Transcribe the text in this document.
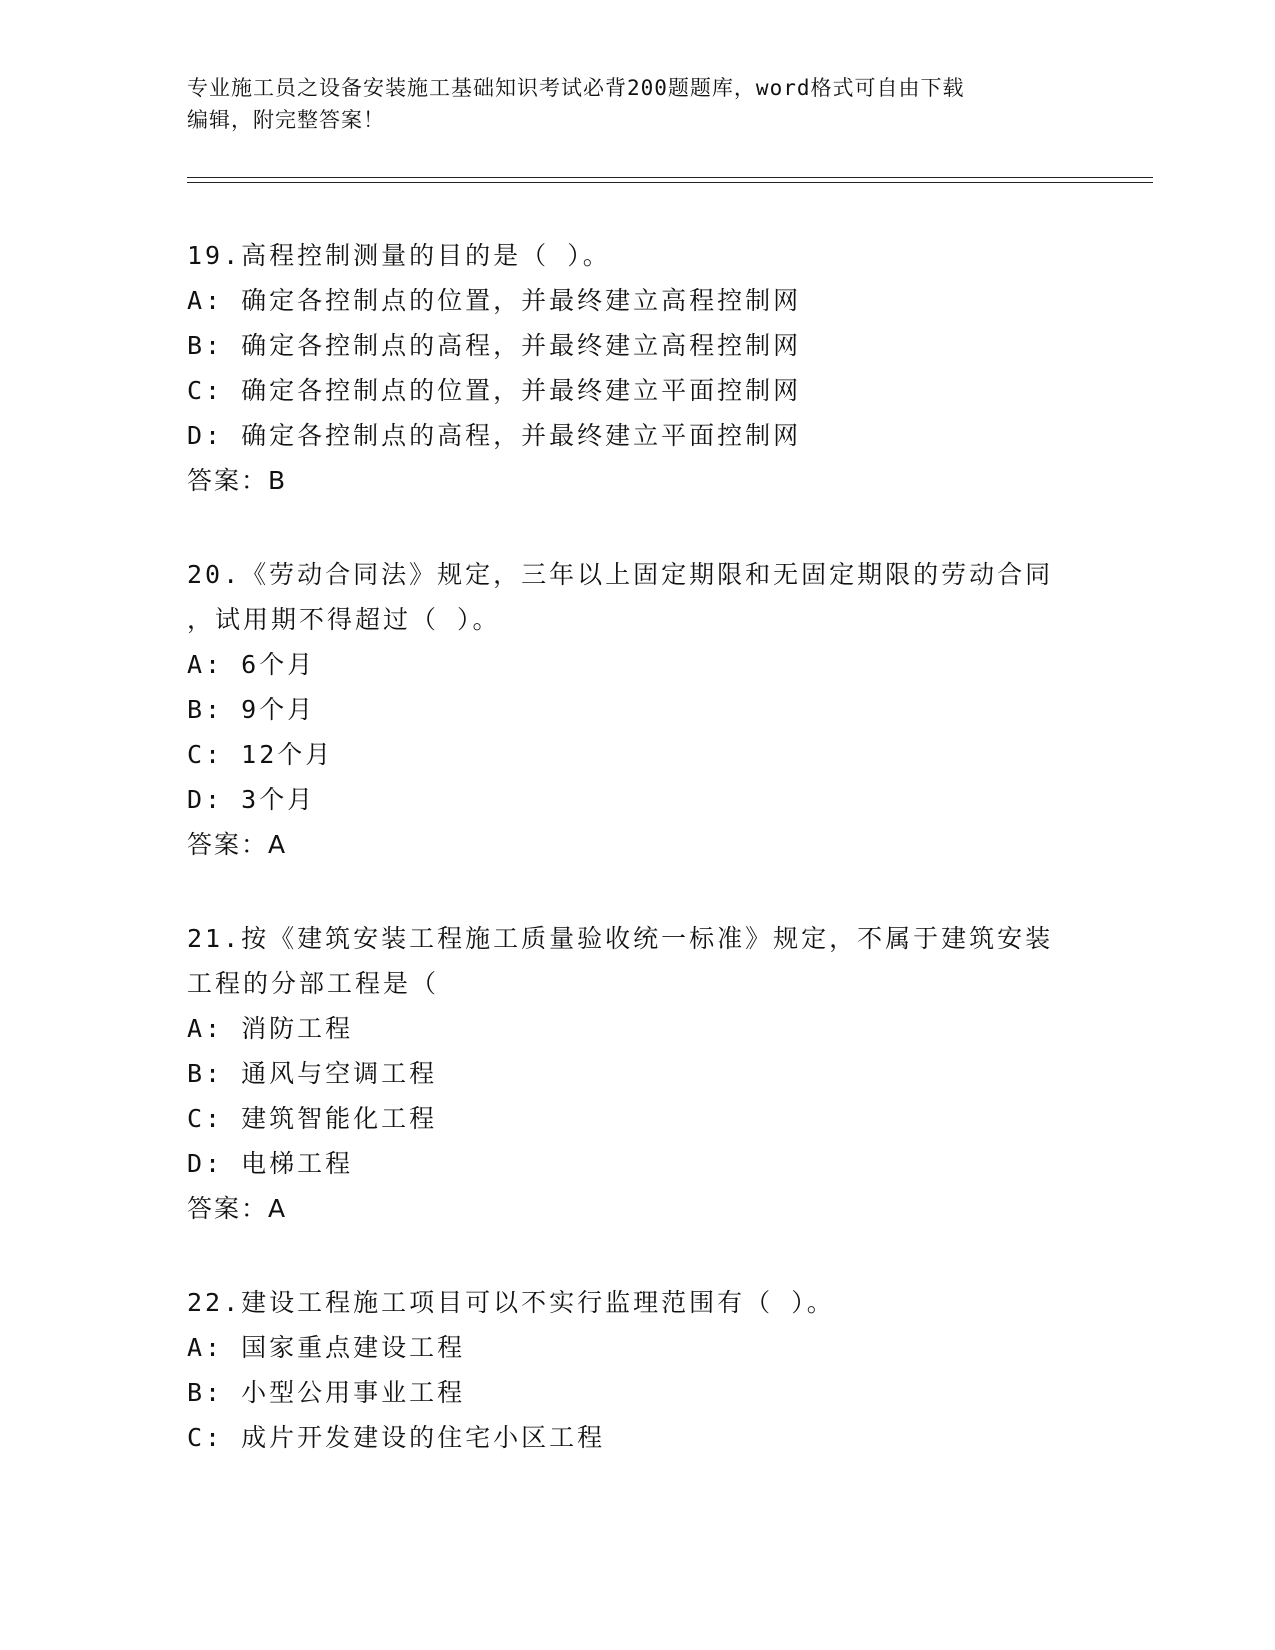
专业施工员之设备安装施工基础知识考试必背200题题库，word格式可自由下载
编辑，附完整答案！

19.高程控制测量的目的是（ ）。

A: 确定各控制点的位置，并最终建立高程控制网

B: 确定各控制点的高程，并最终建立高程控制网

C: 确定各控制点的位置，并最终建立平面控制网

D: 确定各控制点的高程，并最终建立平面控制网

答案：B

20.《劳动合同法》规定，三年以上固定期限和无固定期限的劳动合同

，试用期不得超过（ ）。

A: 6个月

B: 9个月

C: 12个月

D: 3个月

答案：A

21.按《建筑安装工程施工质量验收统一标准》规定，不属于建筑安装

工程的分部工程是（

A: 消防工程

B: 通风与空调工程

C: 建筑智能化工程

D: 电梯工程

答案：A

22.建设工程施工项目可以不实行监理范围有（ ）。

A: 国家重点建设工程

B: 小型公用事业工程

C: 成片开发建设的住宅小区工程
